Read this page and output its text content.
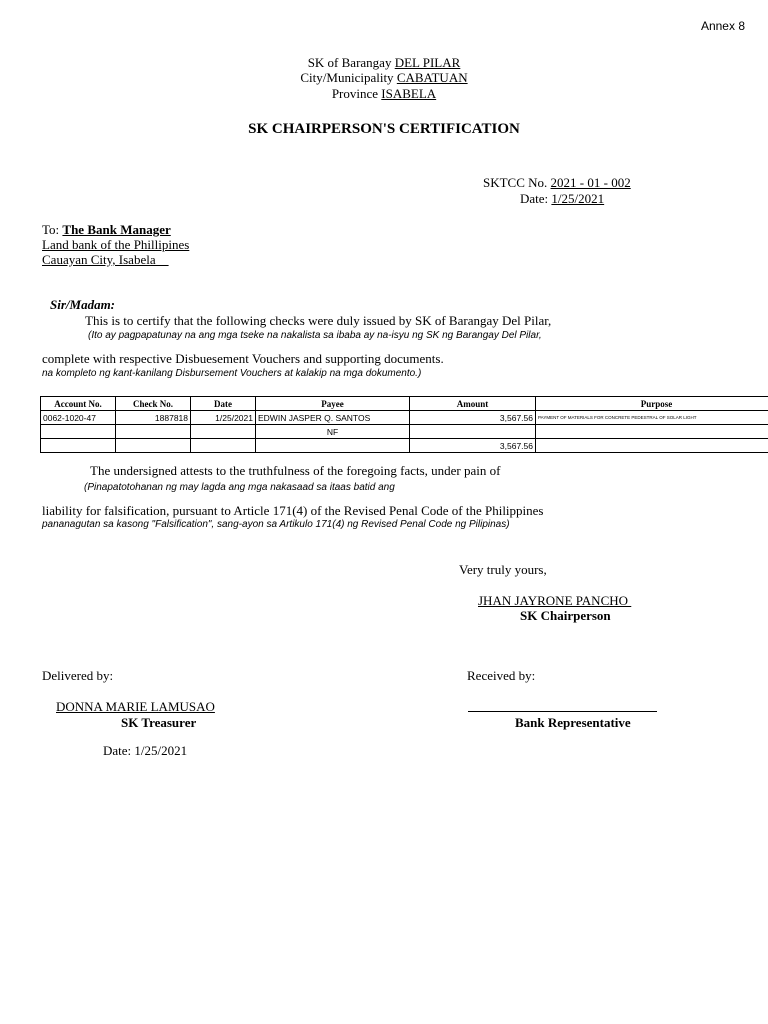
Annex 8
SK of Barangay DEL PILAR
City/Municipality CABATUAN
Province ISABELA
SK CHAIRPERSON'S CERTIFICATION
SKTCC No. 2021 - 01 - 002
Date: 1/25/2021
To: The Bank Manager
Land bank of the Phillipines
Cauayan City, Isabela
Sir/Madam:
This is to certify that the following checks were duly issued by SK of Barangay Del Pilar,
(Ito ay pagpapatunay na ang mga tseke na nakalista sa ibaba ay na-isyu ng SK ng Barangay Del Pilar,
complete with respective Disbuesement Vouchers and supporting documents.
na kompleto ng kant-kanilang Disbursement Vouchers at kalakip na mga dokumento.)
Account No.	Check No.	Date	Payee	Amount	Purpose
0062-1020-47	1887818	1/25/2021	EDWIN JASPER Q. SANTOS	3,567.56	PAYMENT OF MATERIALS FOR CONCRETE PEDESTRAL OF SOLAR LIGHT
			NF		
				3,567.56	
The undersigned attests to the truthfulness of the foregoing facts, under pain of
(Pinapatotohanan ng may lagda ang mga nakasaad sa itaas batid ang
liability for falsification, pursuant to Article 171(4) of the Revised Penal Code of the Philippines
pananagutan sa kasong "Falsification", sang-ayon sa Artikulo 171(4) ng Revised Penal Code ng Pilipinas)
Very truly yours,
JHAN JAYRONE PANCHO
SK Chairperson
Delivered by:	Received by:
DONNA MARIE LAMUSAO
SK Treasurer	Bank Representative
Date: 1/25/2021
